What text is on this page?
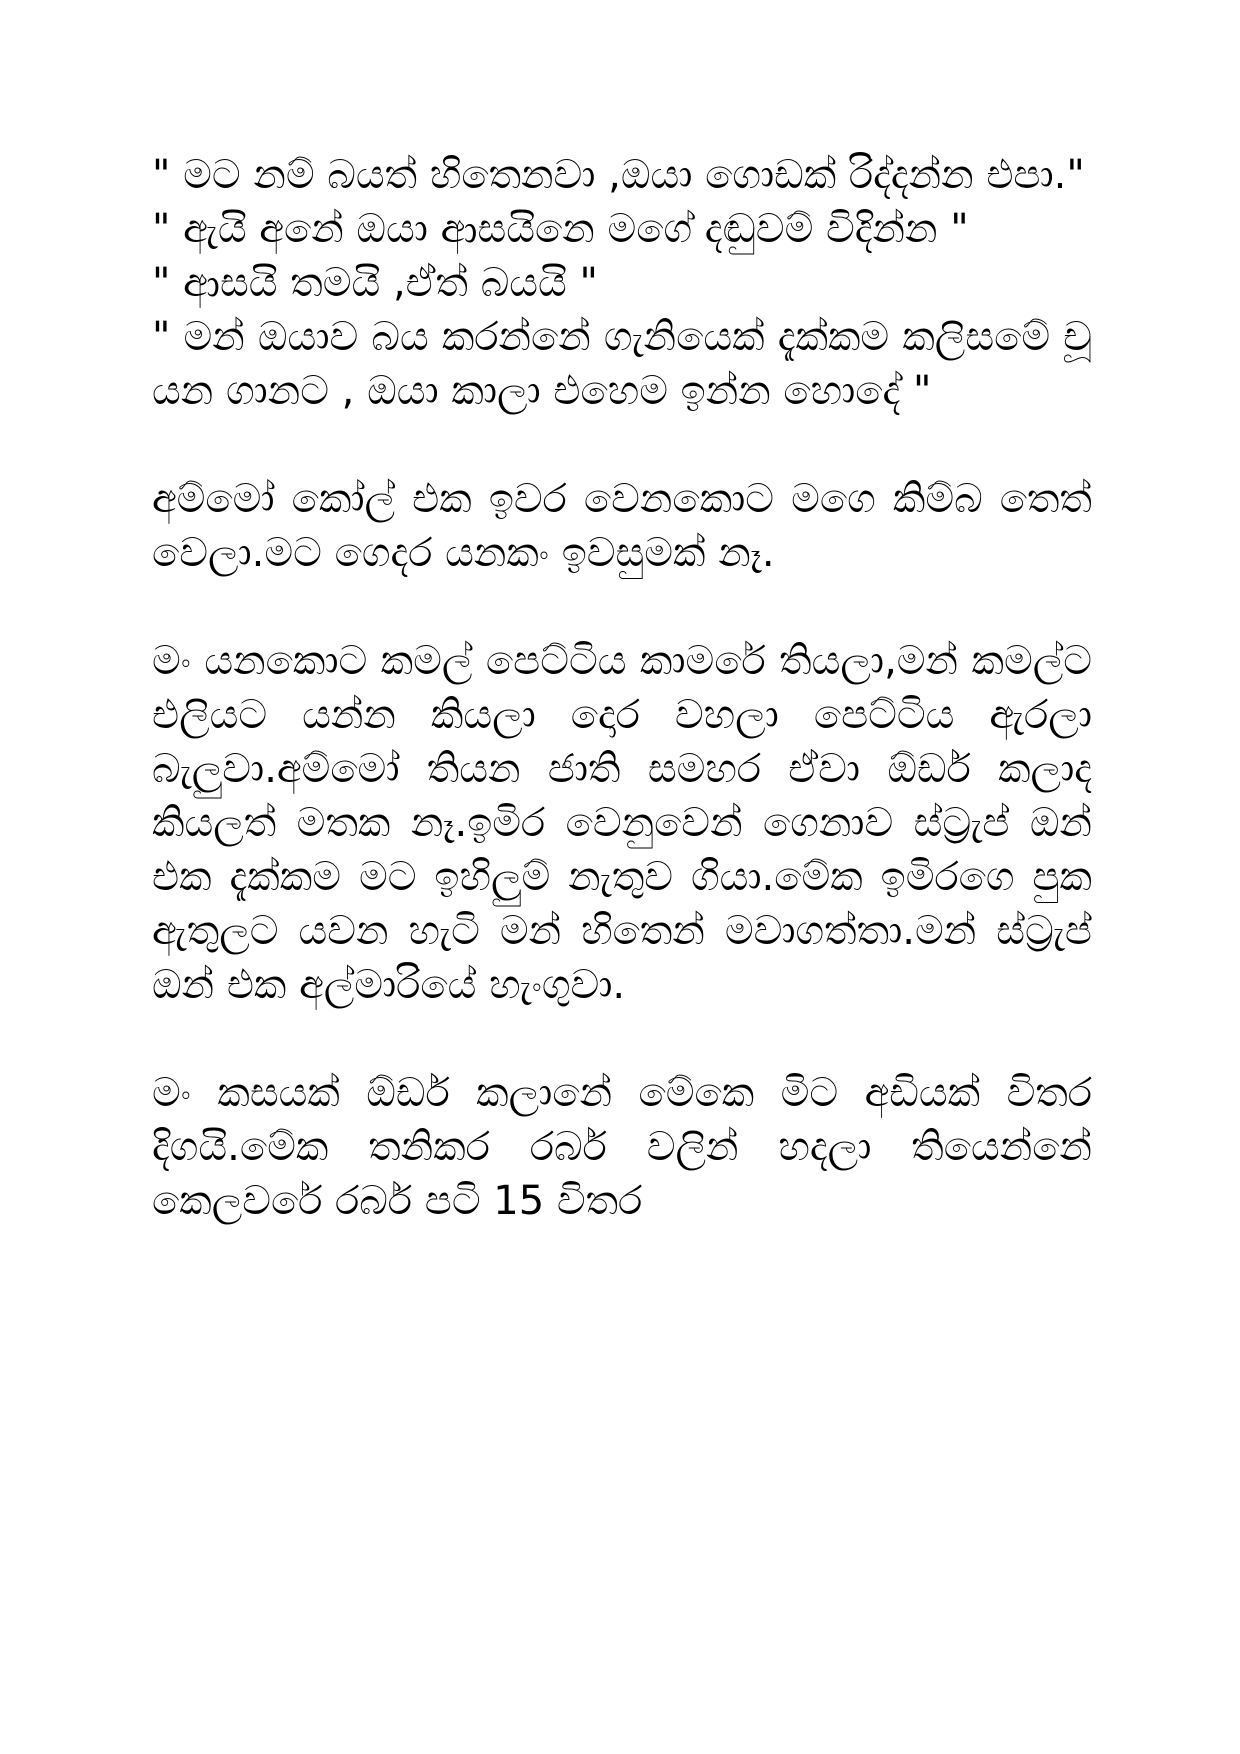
" මට නම් බයත් හිතෙනවා ,ඔයා ගොඩක් රිද්දන්න එපා."

" ඇයි අනේ ඔයා ආසයිනෙ මගේ දඬුවම් විදින්න "

" ආසයි තමයි ,ඒත් බයයි "

" මන් ඔයාව බය කරන්නේ ගැනියෙක් දැක්කම කලිසමේ චූ යන ගානට , ඔයා කාලා එහෙම ඉන්න හොදේ "

අම්මෝ කෝල් එක ඉවර වෙනකොට මගෙ කිම්බ තෙත් වෙලා.මට ගෙදර යනකං ඉවසුමක් නෑ.

මං යනකොට කමල් පෙට්ටිය කාමරේ තියලා,මන් කමල්ට එලියට යන්න කියලා දොර වහලා පෙට්ටිය ඇරලා බැලුවා.අම්මෝ තියන ජාති සමහර ඒවා ඕඩර් කලාද කියලත් මතක නෑ.ඉමිර වෙනුවෙන් ගෙනාව ස්ට්‍රැප් ඔන් එක දැක්කම මට ඉහිලුම් නැතුව ගියා.මේක ඉමිරගෙ පුක ඇතුලට යවන හැටි මන් හිතෙන් මවාගත්තා.මන් ස්ට්‍රැප් ඔන් එක අල්මාරියේ හැංගුවා.

මං කසයක් ඕඩර් කලානේ මේකෙ මිට අඩියක් විතර දිගයි.මේක තනිකර රබර් වලින් හදලා තියෙන්නේ කෙලවරේ රබර් පටි 15 විතර
